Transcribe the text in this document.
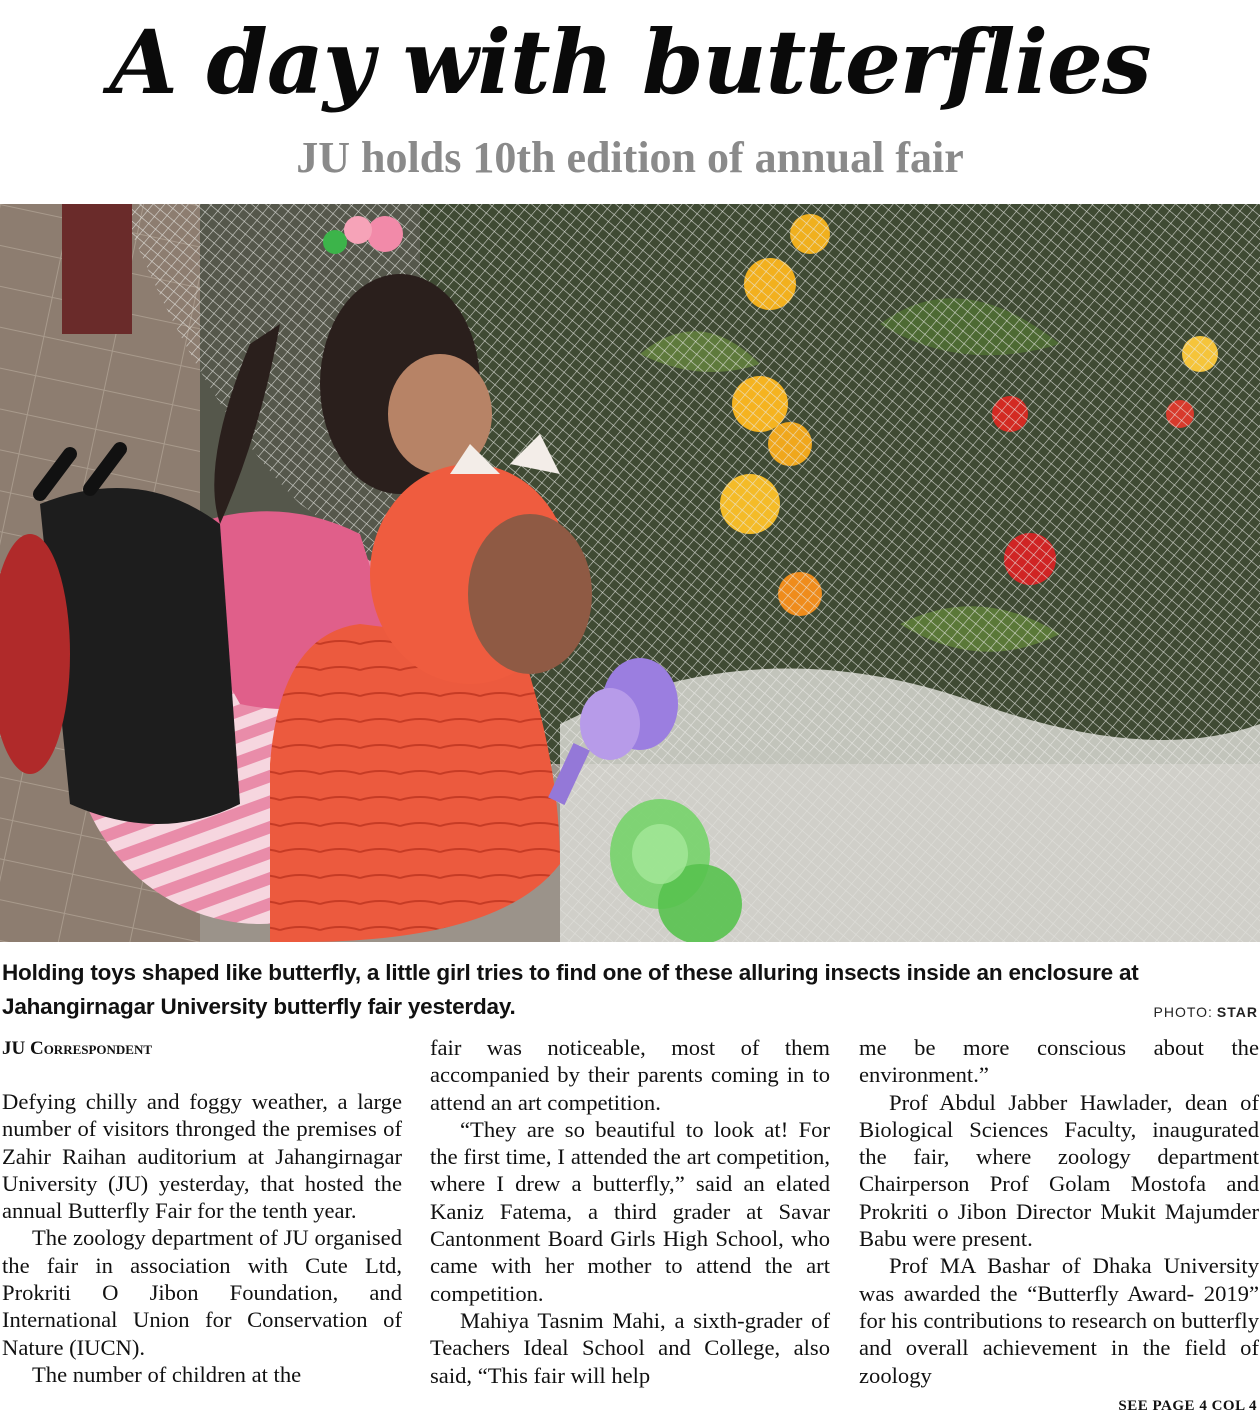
A day with butterflies
JU holds 10th edition of annual fair
Holding toys shaped like butterfly, a little girl tries to find one of these alluring insects inside an enclosure at Jahangirnagar University butterfly fair yesterday.	PHOTO: STAR

JU Correspondent

Defying chilly and foggy weather, a large number of visitors thronged the premises of Zahir Raihan auditorium at Jahangirnagar University (JU) yesterday, that hosted the annual Butterfly Fair for the tenth year.

The zoology department of JU organised the fair in association with Cute Ltd, Prokriti O Jibon Foundation, and International Union for Conservation of Nature (IUCN).

The number of children at the

fair was noticeable, most of them accompanied by their parents coming in to attend an art competition.

“They are so beautiful to look at! For the first time, I attended the art competition, where I drew a butterfly,” said an elated Kaniz Fatema, a third grader at Savar Cantonment Board Girls High School, who came with her mother to attend the art competition.

Mahiya Tasnim Mahi, a sixth-grader of Teachers Ideal School and College, also said, “This fair will help

me be more conscious about the environment.”

Prof Abdul Jabber Hawlader, dean of Biological Sciences Faculty, inaugurated the fair, where zoology department Chairperson Prof Golam Mostofa and Prokriti o Jibon Director Mukit Majumder Babu were present.

Prof MA Bashar of Dhaka University was awarded the “Butterfly Award- 2019” for his contributions to research on butterfly and overall achievement in the field of zoology

SEE PAGE 4 COL 4
